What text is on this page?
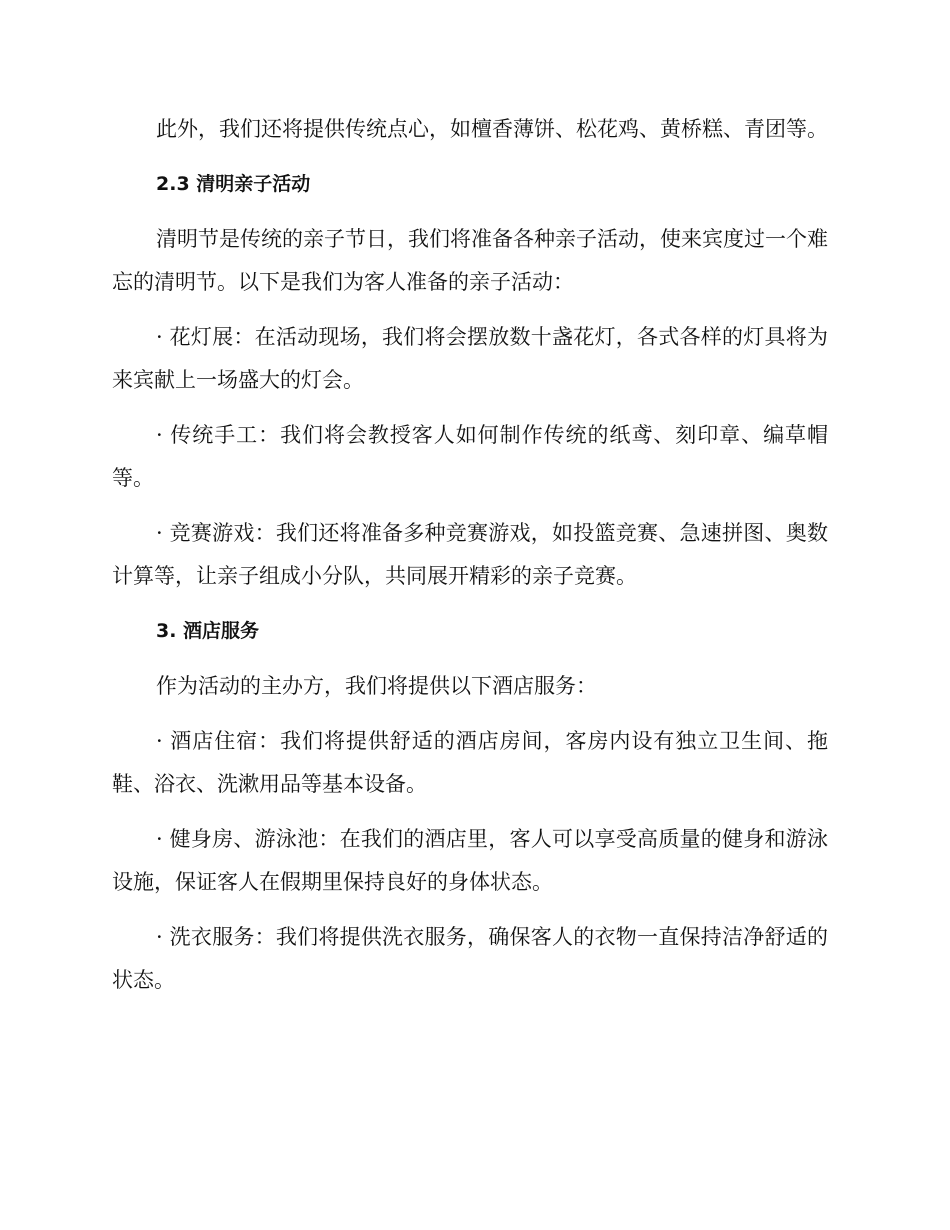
此外，我们还将提供传统点心，如檀香薄饼、松花鸡、黄桥糕、青团等。

2.3 清明亲子活动

清明节是传统的亲子节日，我们将准备各种亲子活动，使来宾度过一个难忘的清明节。以下是我们为客人准备的亲子活动：

· 花灯展：在活动现场，我们将会摆放数十盏花灯，各式各样的灯具将为来宾献上一场盛大的灯会。

· 传统手工：我们将会教授客人如何制作传统的纸鸢、刻印章、编草帽等。

· 竞赛游戏：我们还将准备多种竞赛游戏，如投篮竞赛、急速拼图、奥数计算等，让亲子组成小分队，共同展开精彩的亲子竞赛。

3. 酒店服务

作为活动的主办方，我们将提供以下酒店服务：

· 酒店住宿：我们将提供舒适的酒店房间，客房内设有独立卫生间、拖鞋、浴衣、洗漱用品等基本设备。

· 健身房、游泳池：在我们的酒店里，客人可以享受高质量的健身和游泳设施，保证客人在假期里保持良好的身体状态。

· 洗衣服务：我们将提供洗衣服务，确保客人的衣物一直保持洁净舒适的状态。
